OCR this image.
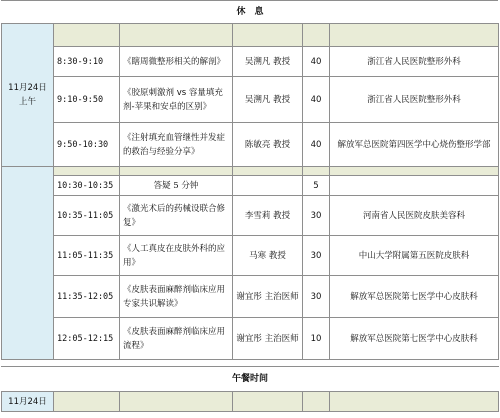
休　息					
11月24日
上午					
	8:30-9:10	《瞎周微整形相关的解剖》	吴溯凡 教授	40	浙江省人民医院整形外科
	9:10-9:50	《胶原刺激剂 vs 容量填充剂-苹果和安卓的区别》	吴溯凡 教授	40	浙江省人民医院整形外科
	9:50-10:30	《注射填充血管继性并发症的救治与经验分享》	陈敏亮 教授	40	解放军总医院第四医学中心烧伤整形学部

	10:30-10:35	答疑 5 分钟		5	
	10:35-11:05	《激光术后的药械设联合修复》	李雪莉 教授	30	河南省人民医院皮肤美容科
	11:05-11:35	《人工真皮在皮肤外科的应用》	马寒 教授	30	中山大学附属第五医院皮肤科
	11:35-12:05	《皮肤表面麻醉剂临床应用专家共识解读》	谢宜彤 主治医师	30	解放军总医院第七医学中心皮肤科
	12:05-12:15	《皮肤表面麻醉剂临床应用流程》	谢宜彤 主治医师	10	解放军总医院第七医学中心皮肤科

午餐时间					
11月24日					
